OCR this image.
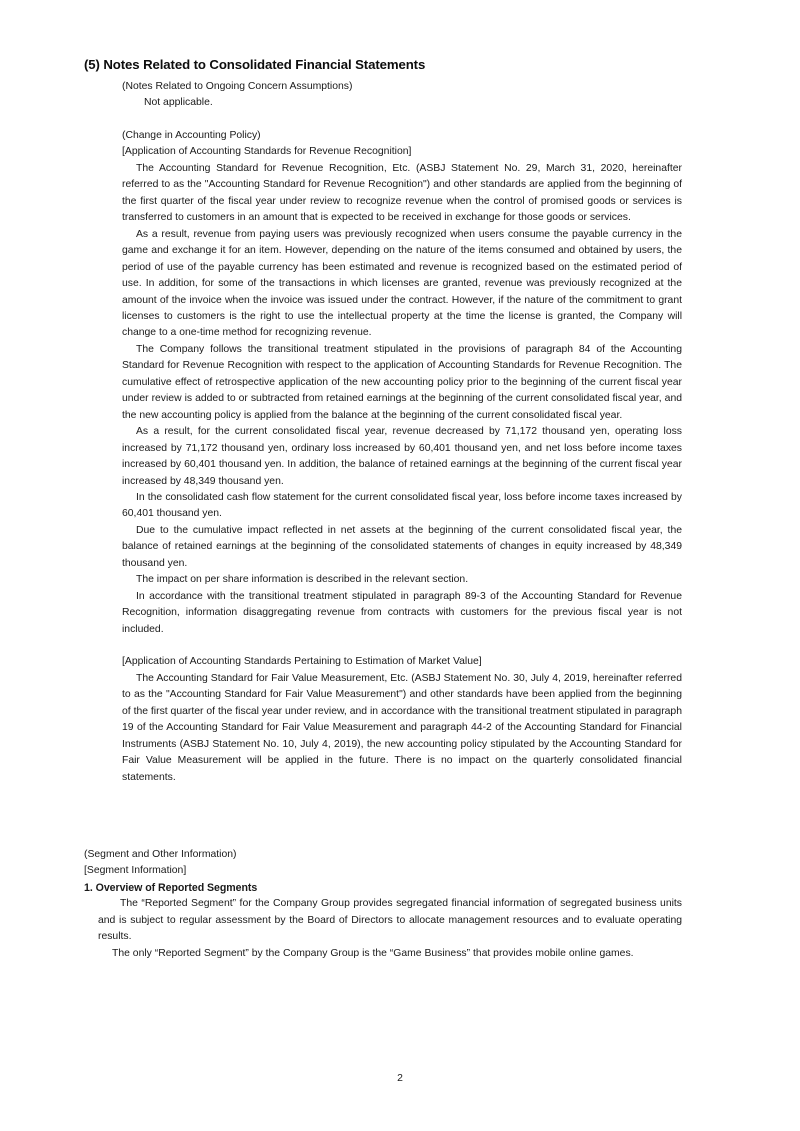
(5) Notes Related to Consolidated Financial Statements

(Notes Related to Ongoing Concern Assumptions)

Not applicable.

(Change in Accounting Policy)

[Application of Accounting Standards for Revenue Recognition]

The Accounting Standard for Revenue Recognition, Etc. (ASBJ Statement No. 29, March 31, 2020, hereinafter referred to as the "Accounting Standard for Revenue Recognition") and other standards are applied from the beginning of the first quarter of the fiscal year under review to recognize revenue when the control of promised goods or services is transferred to customers in an amount that is expected to be received in exchange for those goods or services.

As a result, revenue from paying users was previously recognized when users consume the payable currency in the game and exchange it for an item. However, depending on the nature of the items consumed and obtained by users, the period of use of the payable currency has been estimated and revenue is recognized based on the estimated period of use. In addition, for some of the transactions in which licenses are granted, revenue was previously recognized at the amount of the invoice when the invoice was issued under the contract. However, if the nature of the commitment to grant licenses to customers is the right to use the intellectual property at the time the license is granted, the Company will change to a one-time method for recognizing revenue.

The Company follows the transitional treatment stipulated in the provisions of paragraph 84 of the Accounting Standard for Revenue Recognition with respect to the application of Accounting Standards for Revenue Recognition. The cumulative effect of retrospective application of the new accounting policy prior to the beginning of the current fiscal year under review is added to or subtracted from retained earnings at the beginning of the current consolidated fiscal year, and the new accounting policy is applied from the balance at the beginning of the current consolidated fiscal year.

As a result, for the current consolidated fiscal year, revenue decreased by 71,172 thousand yen, operating loss increased by 71,172 thousand yen, ordinary loss increased by 60,401 thousand yen, and net loss before income taxes increased by 60,401 thousand yen. In addition, the balance of retained earnings at the beginning of the current fiscal year increased by 48,349 thousand yen.

In the consolidated cash flow statement for the current consolidated fiscal year, loss before income taxes increased by 60,401 thousand yen.

Due to the cumulative impact reflected in net assets at the beginning of the current consolidated fiscal year, the balance of retained earnings at the beginning of the consolidated statements of changes in equity increased by 48,349 thousand yen.

The impact on per share information is described in the relevant section.

In accordance with the transitional treatment stipulated in paragraph 89-3 of the Accounting Standard for Revenue Recognition, information disaggregating revenue from contracts with customers for the previous fiscal year is not included.

[Application of Accounting Standards Pertaining to Estimation of Market Value]

The Accounting Standard for Fair Value Measurement, Etc. (ASBJ Statement No. 30, July 4, 2019, hereinafter referred to as the "Accounting Standard for Fair Value Measurement") and other standards have been applied from the beginning of the first quarter of the fiscal year under review, and in accordance with the transitional treatment stipulated in paragraph 19 of the Accounting Standard for Fair Value Measurement and paragraph 44-2 of the Accounting Standard for Financial Instruments (ASBJ Statement No. 10, July 4, 2019), the new accounting policy stipulated by the Accounting Standard for Fair Value Measurement will be applied in the future. There is no impact on the quarterly consolidated financial statements.

(Segment and Other Information)

[Segment Information]

1. Overview of Reported Segments

The “Reported Segment” for the Company Group provides segregated financial information of segregated business units and is subject to regular assessment by the Board of Directors to allocate management resources and to evaluate operating results.

The only “Reported Segment” by the Company Group is the “Game Business” that provides mobile online games.

2
